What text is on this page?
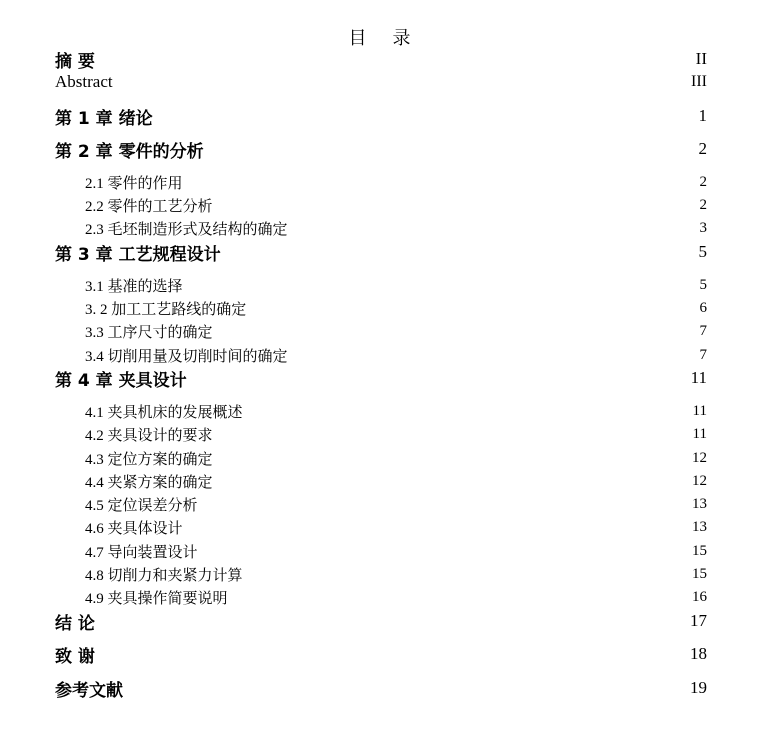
目 录
摘 要	II
Abstract	III
第 1 章 绪论	1
第 2 章 零件的分析	2
2.1 零件的作用	2
2.2 零件的工艺分析	2
2.3 毛坯制造形式及结构的确定	3
第 3 章 工艺规程设计	5
3.1 基准的选择	5
3. 2 加工工艺路线的确定	6
3.3 工序尺寸的确定	7
3.4 切削用量及切削时间的确定	7
第 4 章 夹具设计	11
4.1 夹具机床的发展概述	11
4.2 夹具设计的要求	11
4.3 定位方案的确定	12
4.4 夹紧方案的确定	12
4.5 定位误差分析	13
4.6 夹具体设计	13
4.7 导向装置设计	15
4.8 切削力和夹紧力计算	15
4.9 夹具操作简要说明	16
结 论	17
致 谢	18
参考文献	19
